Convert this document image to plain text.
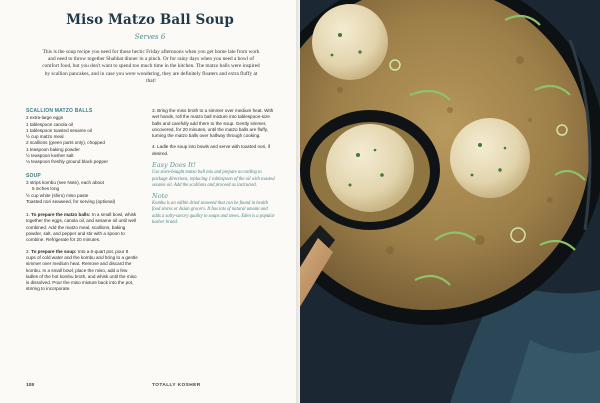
Miso Matzo Ball Soup
Serves 6
This is the soup recipe you need for those hectic Friday afternoons when you get home late from work and need to throw together Shabbat dinner in a pinch. Or for rainy days when you need a bowl of comfort food, but you don't want to spend too much time in the kitchen. The matzo balls were inspired by scallion pancakes, and in case you were wondering, they are definitely floaters and extra fluffy at that!
SCALLION MATZO BALLS
2 extra-large eggs
1 tablespoon canola oil
1 tablespoon toasted sesame oil
½ cup matzo meal
2 scallions (green parts only), chopped
1 teaspoon baking powder
½ teaspoon kosher salt
⅛ teaspoon freshly ground black pepper
SOUP
3 strips kombu (see Note), each about
5 inches long
½ cup white (shiro) miso paste
Toasted nori seaweed, for serving (optional)
1. To prepare the matzo balls: In a small bowl, whisk together the eggs, canola oil, and sesame oil until well combined. Add the matzo meal, scallions, baking powder, salt, and pepper and stir with a spoon to combine. Refrigerate for 20 minutes.
2. To prepare the soup: Into a 6-quart pot, pour 8 cups of cold water and the kombu and bring to a gentle simmer over medium heat. Remove and discard the kombu. In a small bowl, place the miso, add a few ladles of the hot kombu broth, and whisk until the miso is dissolved. Pour the miso mixture back into the pot, stirring to incorporate.
3. Bring the miso broth to a simmer over medium heat. With wet hands, roll the matzo ball mixture into tablespoon-size balls and carefully add them to the soup. Gently simmer, uncovered, for 20 minutes, until the matzo balls are fluffy, turning the matzo balls over halfway through cooking.
4. Ladle the soup into bowls and serve with toasted nori, if desired.
Easy Does It!
Use store-bought matzo ball mix and prepare according to package directions, replacing 1 tablespoon of the oil with toasted sesame oil. Add the scallions and proceed as instructed.
Note
Kombu is an edible dried seaweed that can be found in health food stores or Asian grocers. It has lots of natural umami and adds a salty-savory quality to soups and stews. Eden is a popular kosher brand.
108	TOTALLY KOSHER
